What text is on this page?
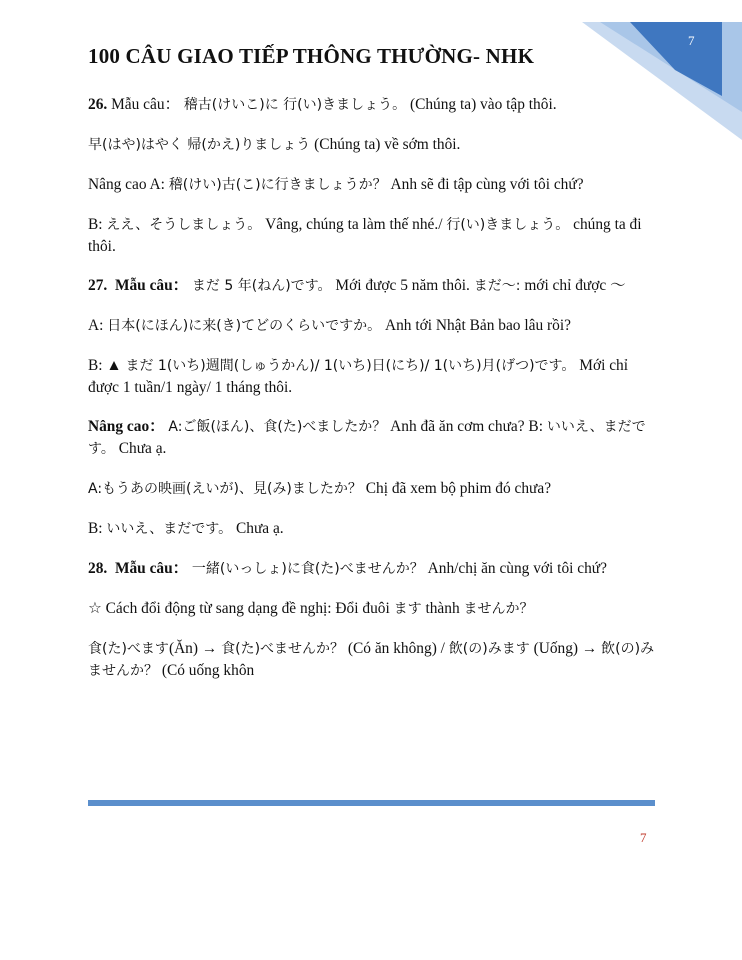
7
100 CÂU GIAO TIẾP THÔNG THƯỜNG- NHK

26. Mẫu câu： 稽古(けいこ)に 行(い)きましょう。 (Chúng ta) vào tập thôi.

早(はや)はやく 帰(かえ)りましょう (Chúng ta) về sớm thôi.

Nâng cao A: 稽(けい)古(こ)に行きましょうか？ Anh sẽ đi tập cùng với tôi chứ?

B: ええ、そうしましょう。 Vâng, chúng ta làm thế nhé./ 行(い)きましょう。 chúng ta đi thôi.

27. Mẫu câu： まだ 5 年(ねん)です。 Mới được 5 năm thôi. まだ～: mới chỉ được ～

A: 日本(にほん)に来(き)てどのくらいですか。 Anh tới Nhật Bản bao lâu rồi?

B: ▲ まだ 1(いち)週間(しゅうかん)/ 1(いち)日(にち)/ 1(いち)月(げつ)です。 Mới chỉ được 1 tuần/1 ngày/ 1 tháng thôi.

Nâng cao： A:ご飯(ほん)、食(た)べましたか？ Anh đã ăn cơm chưa? B: いいえ、まだです。 Chưa ạ.

A:もうあの映画(えいが)、見(み)ましたか？ Chị đã xem bộ phim đó chưa?

B: いいえ、まだです。 Chưa ạ.

28. Mẫu câu： 一緒(いっしょ)に食(た)べませんか？ Anh/chị ăn cùng với tôi chứ?

☆ Cách đổi động từ sang dạng đề nghị: Đổi đuôi ます thành ませんか？

食(た)べます(Ăn) → 食(た)べませんか？ (Có ăn không) / 飲(の)みます (Uống) → 飲(の)みませんか？ (Có uống khôn

7
